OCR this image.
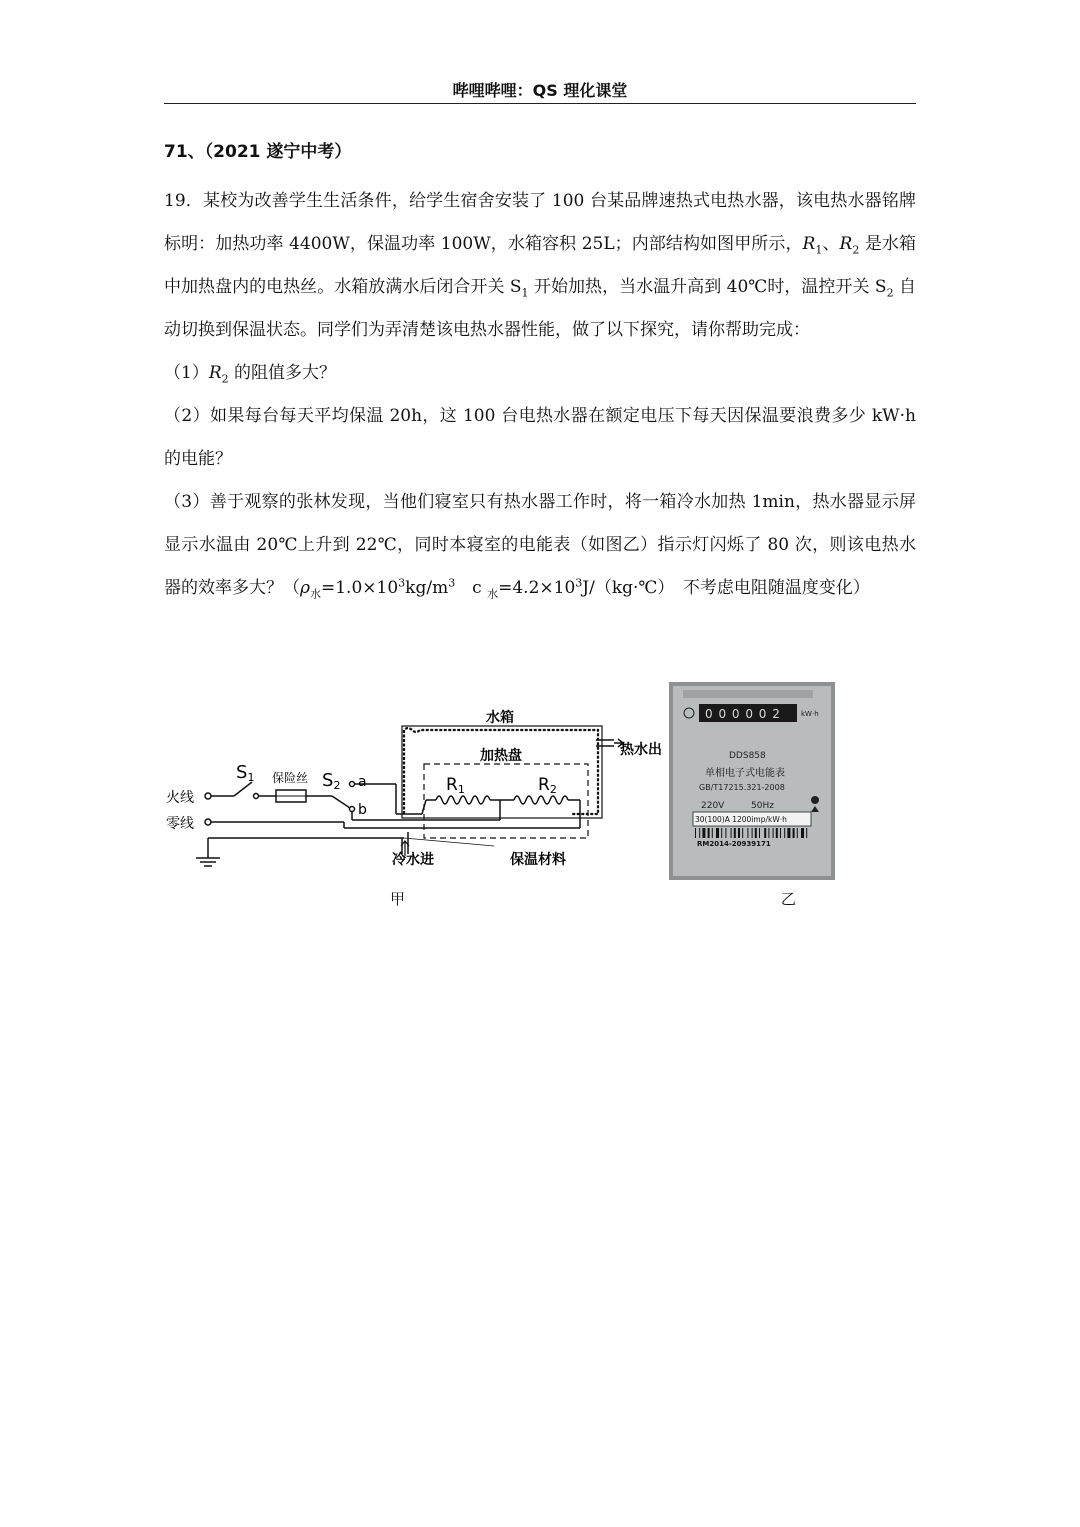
哔哩哔哩：QS 理化课堂
71、（2021 遂宁中考）
19．某校为改善学生生活条件，给学生宿舍安装了 100 台某品牌速热式电热水器，该电热水器铭牌标明：加热功率 4400W，保温功率 100W，水箱容积 25L；内部结构如图甲所示，$R_1$、$R_2$ 是水箱中加热盘内的电热丝。水箱放满水后闭合开关 $S_1$ 开始加热，当水温升高到 40℃时，温控开关 $S_2$ 自动切换到保温状态。同学们为弄清楚该电热水器性能，做了以下探究，请你帮助完成：
$(1)R_2$ 的阻值多大？
（2）如果每台每天平均保温 20h，这 100 台电热水器在额定电压下每天因保温要浪费多少 kW·h 的电能？
（3）善于观察的张林发现，当他们寝室只有热水器工作时，将一箱冷水加热 1min，热水器显示屏显示水温由 20℃上升到 22℃，同时本寝室的电能表（如图乙）指示灯闪烁了 80 次，则该电热水器的效率多大？（$\rho_水=1.0\times 10^3kg/m^3$　c $_水=4.2\times 10^3J/(kg\cdot℃)$　不考虑电阻随温度变化）
火线
零线
S1 保险丝 S2 a
b
水箱
热水出
加热盘
R1	R2
冷水进	保温材料
甲
0 0 0 0 0 2	kW·h
DDS858
单相电子式电能表
GB/T17215.321-2008
220V	50Hz
30(100)A 1200imp/kW·h
RM2014-20939171
乙
